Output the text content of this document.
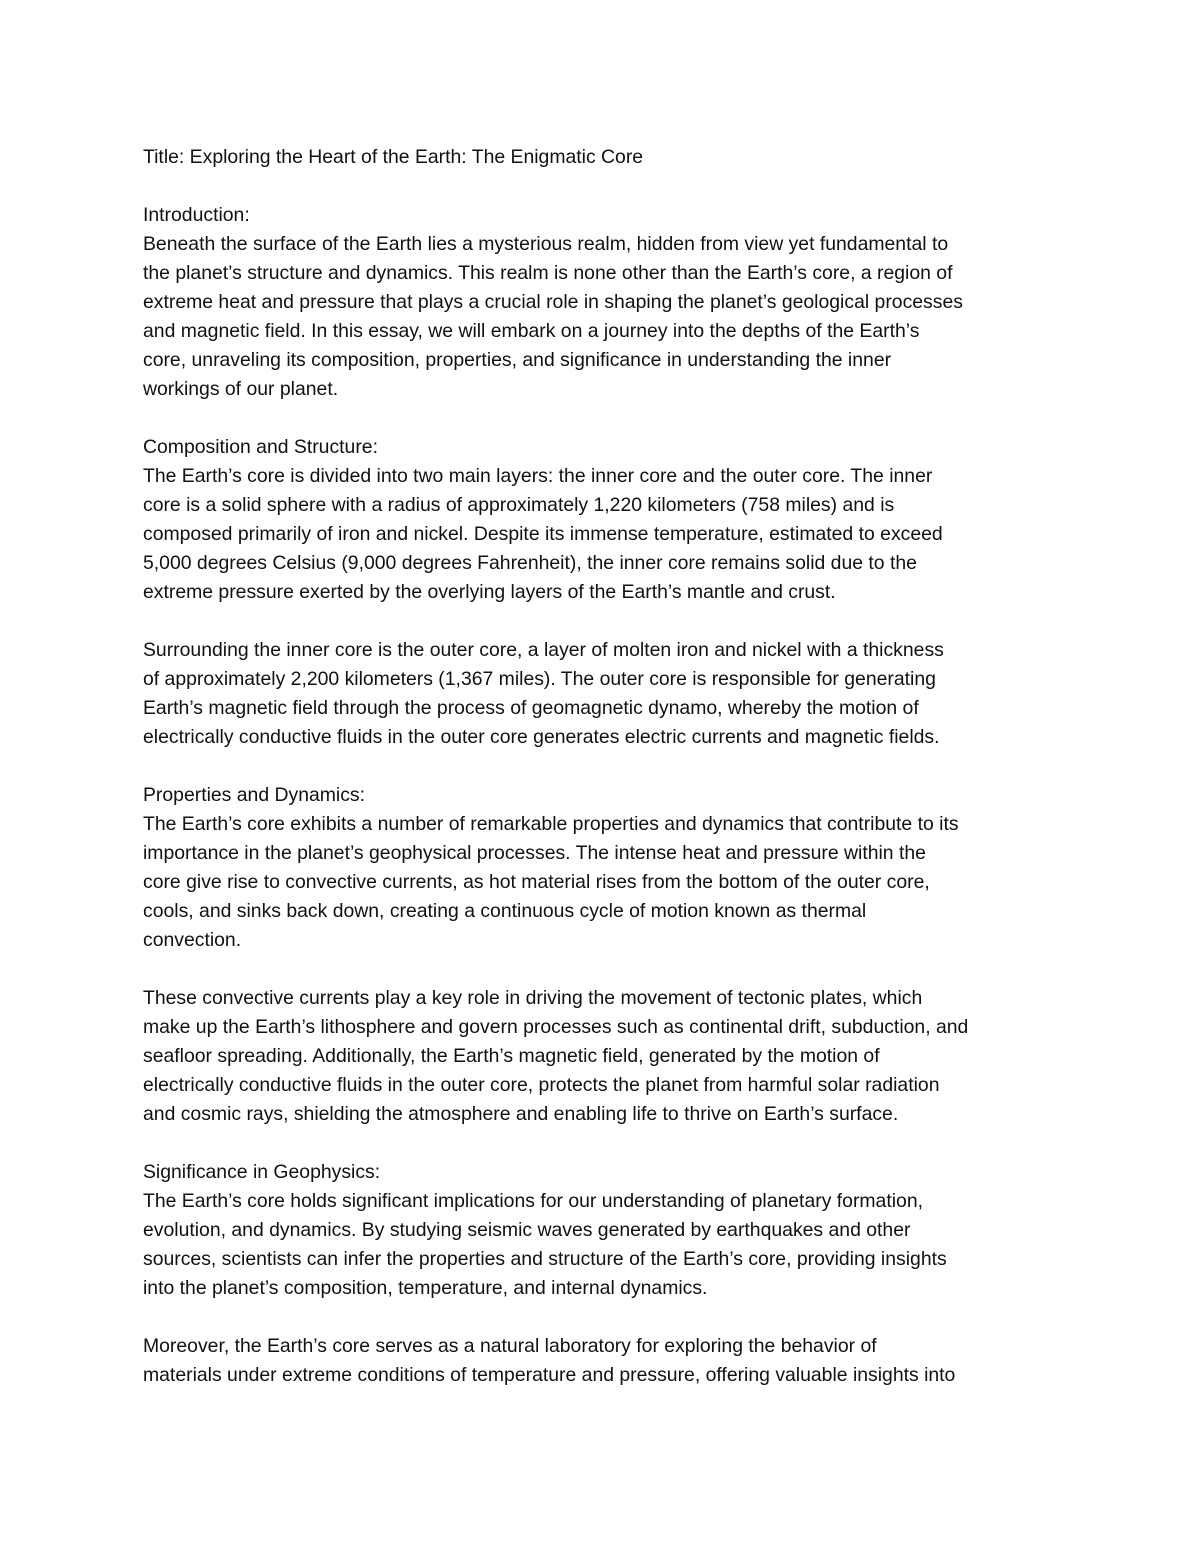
Title: Exploring the Heart of the Earth: The Enigmatic Core
Introduction:
Beneath the surface of the Earth lies a mysterious realm, hidden from view yet fundamental to
the planet’s structure and dynamics. This realm is none other than the Earth’s core, a region of
extreme heat and pressure that plays a crucial role in shaping the planet’s geological processes
and magnetic field. In this essay, we will embark on a journey into the depths of the Earth’s
core, unraveling its composition, properties, and significance in understanding the inner
workings of our planet.
Composition and Structure:
The Earth’s core is divided into two main layers: the inner core and the outer core. The inner
core is a solid sphere with a radius of approximately 1,220 kilometers (758 miles) and is
composed primarily of iron and nickel. Despite its immense temperature, estimated to exceed
5,000 degrees Celsius (9,000 degrees Fahrenheit), the inner core remains solid due to the
extreme pressure exerted by the overlying layers of the Earth’s mantle and crust.
Surrounding the inner core is the outer core, a layer of molten iron and nickel with a thickness
of approximately 2,200 kilometers (1,367 miles). The outer core is responsible for generating
Earth’s magnetic field through the process of geomagnetic dynamo, whereby the motion of
electrically conductive fluids in the outer core generates electric currents and magnetic fields.
Properties and Dynamics:
The Earth’s core exhibits a number of remarkable properties and dynamics that contribute to its
importance in the planet’s geophysical processes. The intense heat and pressure within the
core give rise to convective currents, as hot material rises from the bottom of the outer core,
cools, and sinks back down, creating a continuous cycle of motion known as thermal
convection.
These convective currents play a key role in driving the movement of tectonic plates, which
make up the Earth’s lithosphere and govern processes such as continental drift, subduction, and
seafloor spreading. Additionally, the Earth’s magnetic field, generated by the motion of
electrically conductive fluids in the outer core, protects the planet from harmful solar radiation
and cosmic rays, shielding the atmosphere and enabling life to thrive on Earth’s surface.
Significance in Geophysics:
The Earth’s core holds significant implications for our understanding of planetary formation,
evolution, and dynamics. By studying seismic waves generated by earthquakes and other
sources, scientists can infer the properties and structure of the Earth’s core, providing insights
into the planet’s composition, temperature, and internal dynamics.
Moreover, the Earth’s core serves as a natural laboratory for exploring the behavior of
materials under extreme conditions of temperature and pressure, offering valuable insights into
